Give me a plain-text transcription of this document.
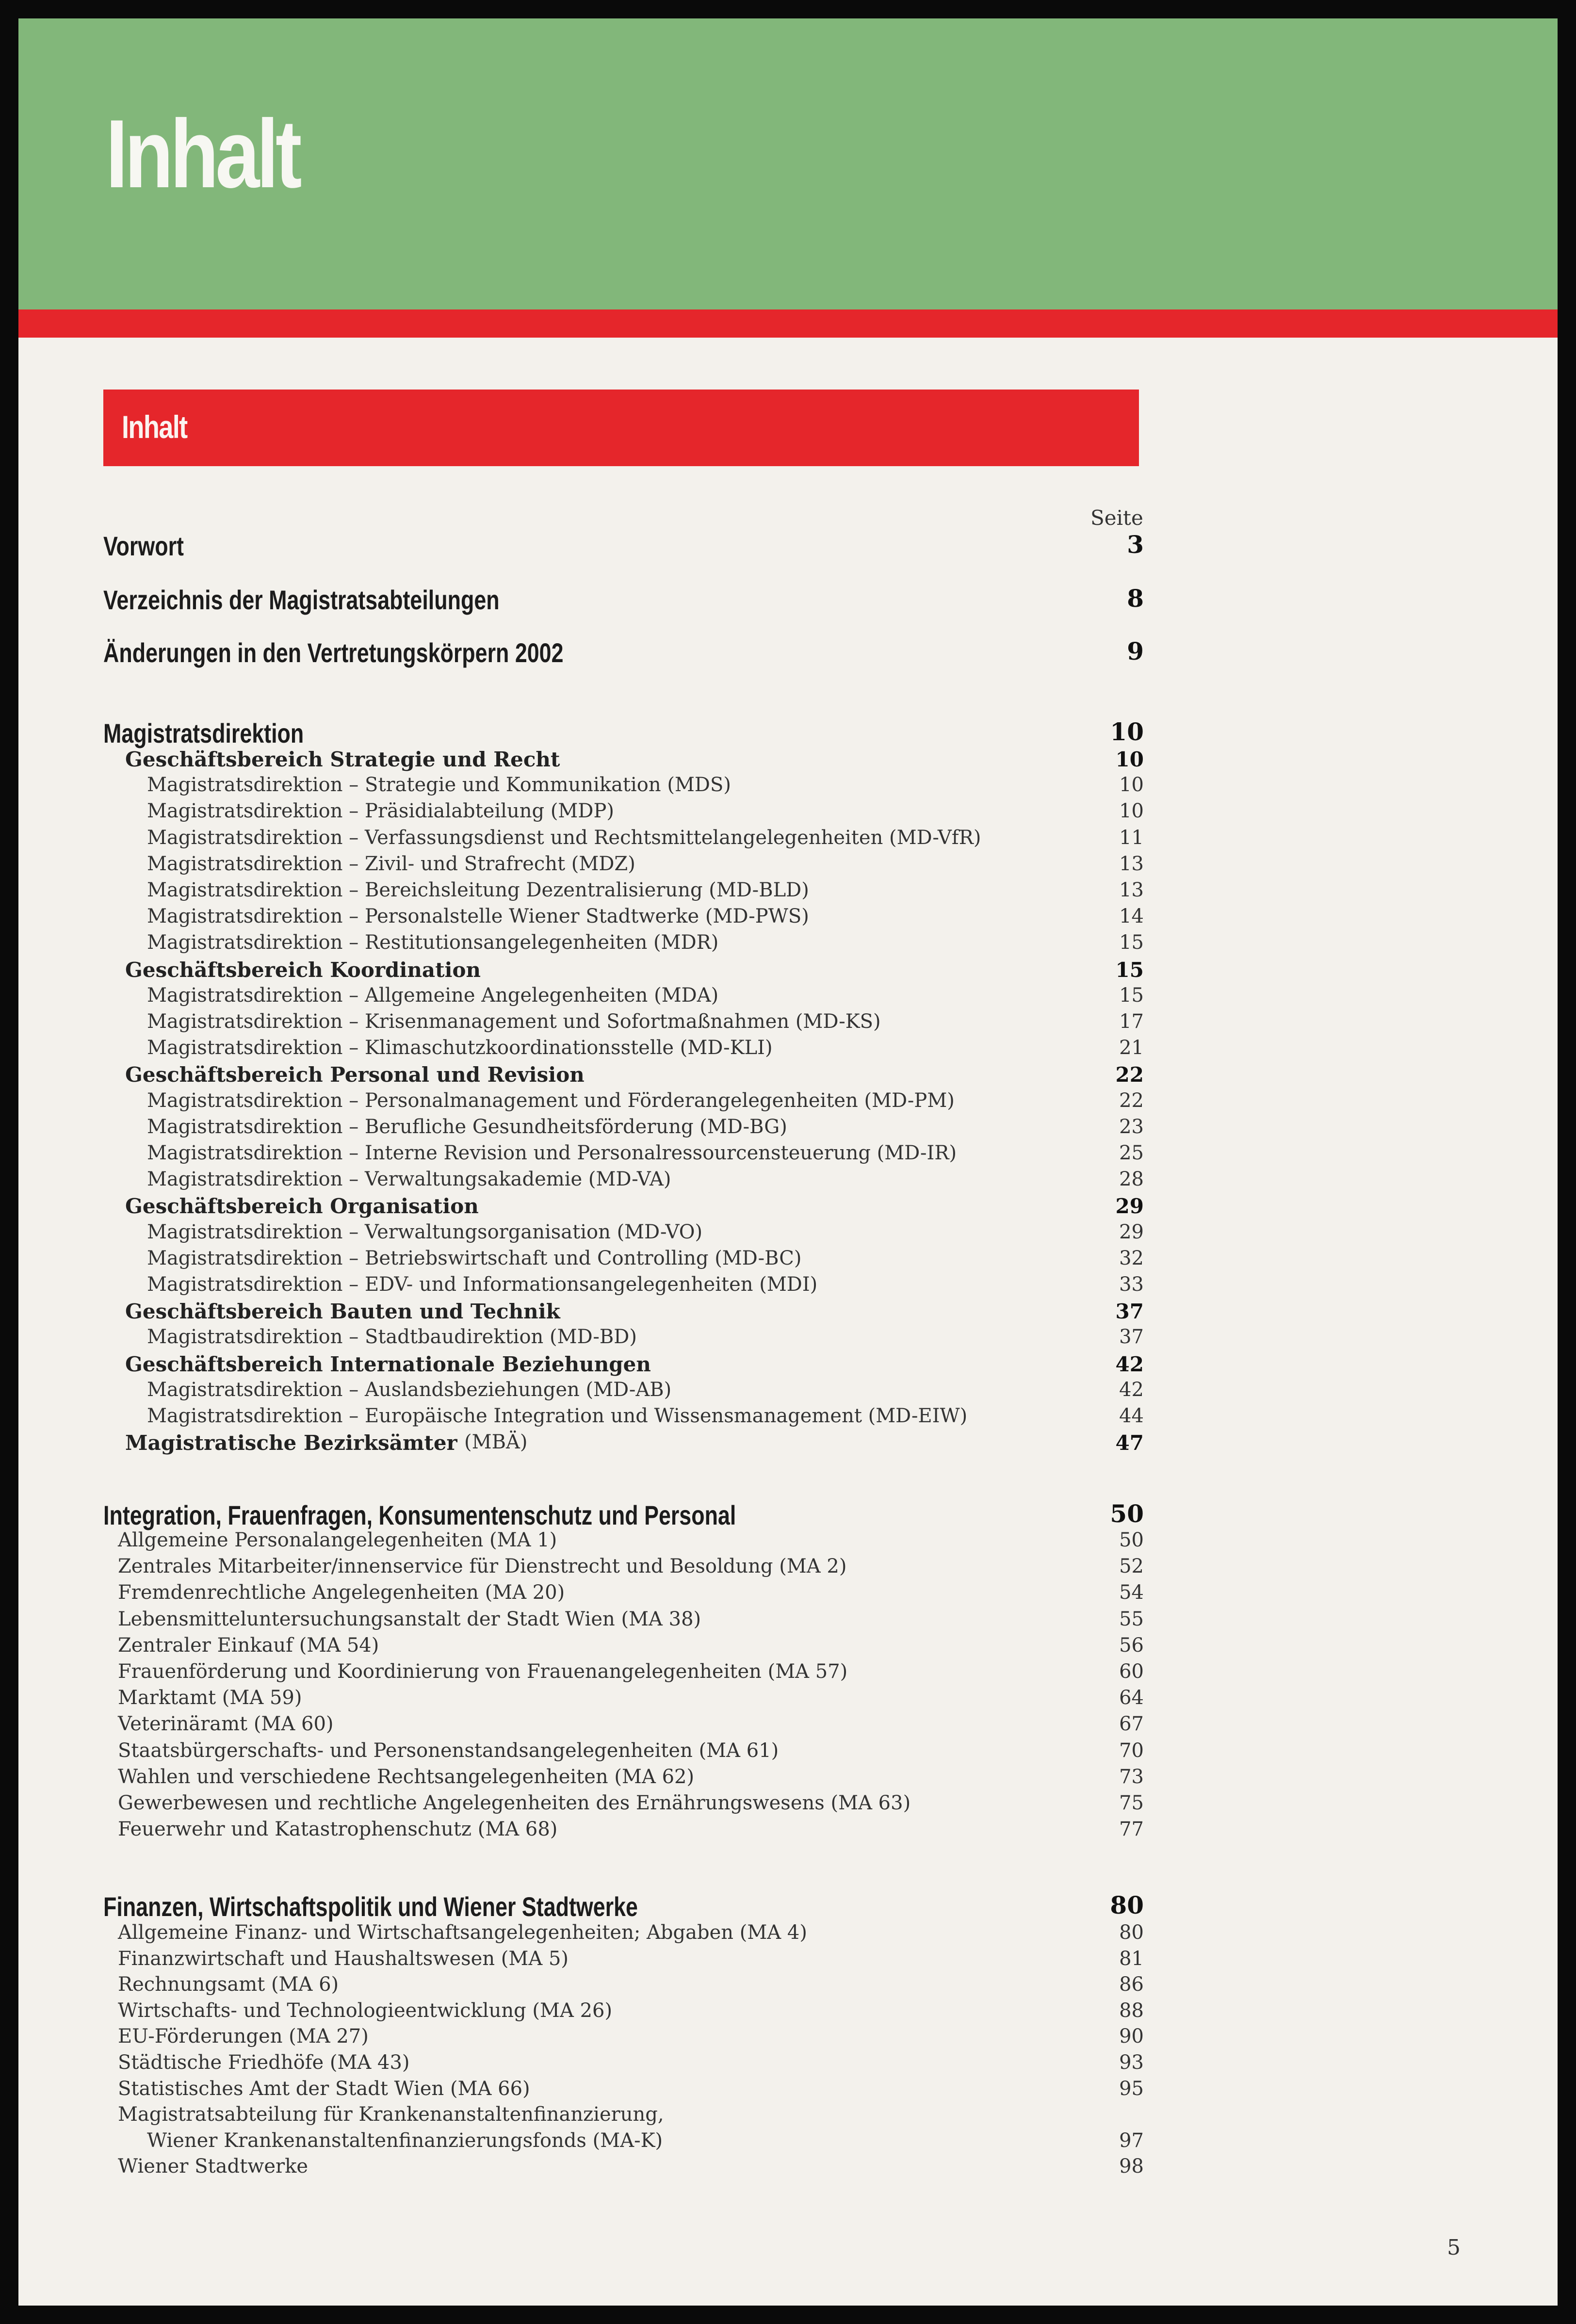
Inhalt
Inhalt
Seite
Vorwort	3
Verzeichnis der Magistratsabteilungen	8
Änderungen in den Vertretungskörpern 2002	9
Magistratsdirektion	10
Geschäftsbereich Strategie und Recht	10
Magistratsdirektion – Strategie und Kommunikation (MDS)	10
Magistratsdirektion – Präsidialabteilung (MDP)	10
Magistratsdirektion – Verfassungsdienst und Rechtsmittelangelegenheiten (MD-VfR)	11
Magistratsdirektion – Zivil- und Strafrecht (MDZ)	13
Magistratsdirektion – Bereichsleitung Dezentralisierung (MD-BLD)	13
Magistratsdirektion – Personalstelle Wiener Stadtwerke (MD-PWS)	14
Magistratsdirektion – Restitutionsangelegenheiten (MDR)	15
Geschäftsbereich Koordination	15
Magistratsdirektion – Allgemeine Angelegenheiten (MDA)	15
Magistratsdirektion – Krisenmanagement und Sofortmaßnahmen (MD-KS)	17
Magistratsdirektion – Klimaschutzkoordinationsstelle (MD-KLI)	21
Geschäftsbereich Personal und Revision	22
Magistratsdirektion – Personalmanagement und Förderangelegenheiten (MD-PM)	22
Magistratsdirektion – Berufliche Gesundheitsförderung (MD-BG)	23
Magistratsdirektion – Interne Revision und Personalressourcensteuerung (MD-IR)	25
Magistratsdirektion – Verwaltungsakademie (MD-VA)	28
Geschäftsbereich Organisation	29
Magistratsdirektion – Verwaltungsorganisation (MD-VO)	29
Magistratsdirektion – Betriebswirtschaft und Controlling (MD-BC)	32
Magistratsdirektion – EDV- und Informationsangelegenheiten (MDI)	33
Geschäftsbereich Bauten und Technik	37
Magistratsdirektion – Stadtbaudirektion (MD-BD)	37
Geschäftsbereich Internationale Beziehungen	42
Magistratsdirektion – Auslandsbeziehungen (MD-AB)	42
Magistratsdirektion – Europäische Integration und Wissensmanagement (MD-EIW)	44
Magistratische Bezirksämter (MBÄ)	47
Integration, Frauenfragen, Konsumentenschutz und Personal	50
Allgemeine Personalangelegenheiten (MA 1)	50
Zentrales Mitarbeiter/innenservice für Dienstrecht und Besoldung (MA 2)	52
Fremdenrechtliche Angelegenheiten (MA 20)	54
Lebensmitteluntersuchungsanstalt der Stadt Wien (MA 38)	55
Zentraler Einkauf (MA 54)	56
Frauenförderung und Koordinierung von Frauenangelegenheiten (MA 57)	60
Marktamt (MA 59)	64
Veterinäramt (MA 60)	67
Staatsbürgerschafts- und Personenstandsangelegenheiten (MA 61)	70
Wahlen und verschiedene Rechtsangelegenheiten (MA 62)	73
Gewerbewesen und rechtliche Angelegenheiten des Ernährungswesens (MA 63)	75
Feuerwehr und Katastrophenschutz (MA 68)	77
Finanzen, Wirtschaftspolitik und Wiener Stadtwerke	80
Allgemeine Finanz- und Wirtschaftsangelegenheiten; Abgaben (MA 4)	80
Finanzwirtschaft und Haushaltswesen (MA 5)	81
Rechnungsamt (MA 6)	86
Wirtschafts- und Technologieentwicklung (MA 26)	88
EU-Förderungen (MA 27)	90
Städtische Friedhöfe (MA 43)	93
Statistisches Amt der Stadt Wien (MA 66)	95
Magistratsabteilung für Krankenanstaltenfinanzierung,
Wiener Krankenanstaltenfinanzierungsfonds (MA-K)	97
Wiener Stadtwerke	98
5
